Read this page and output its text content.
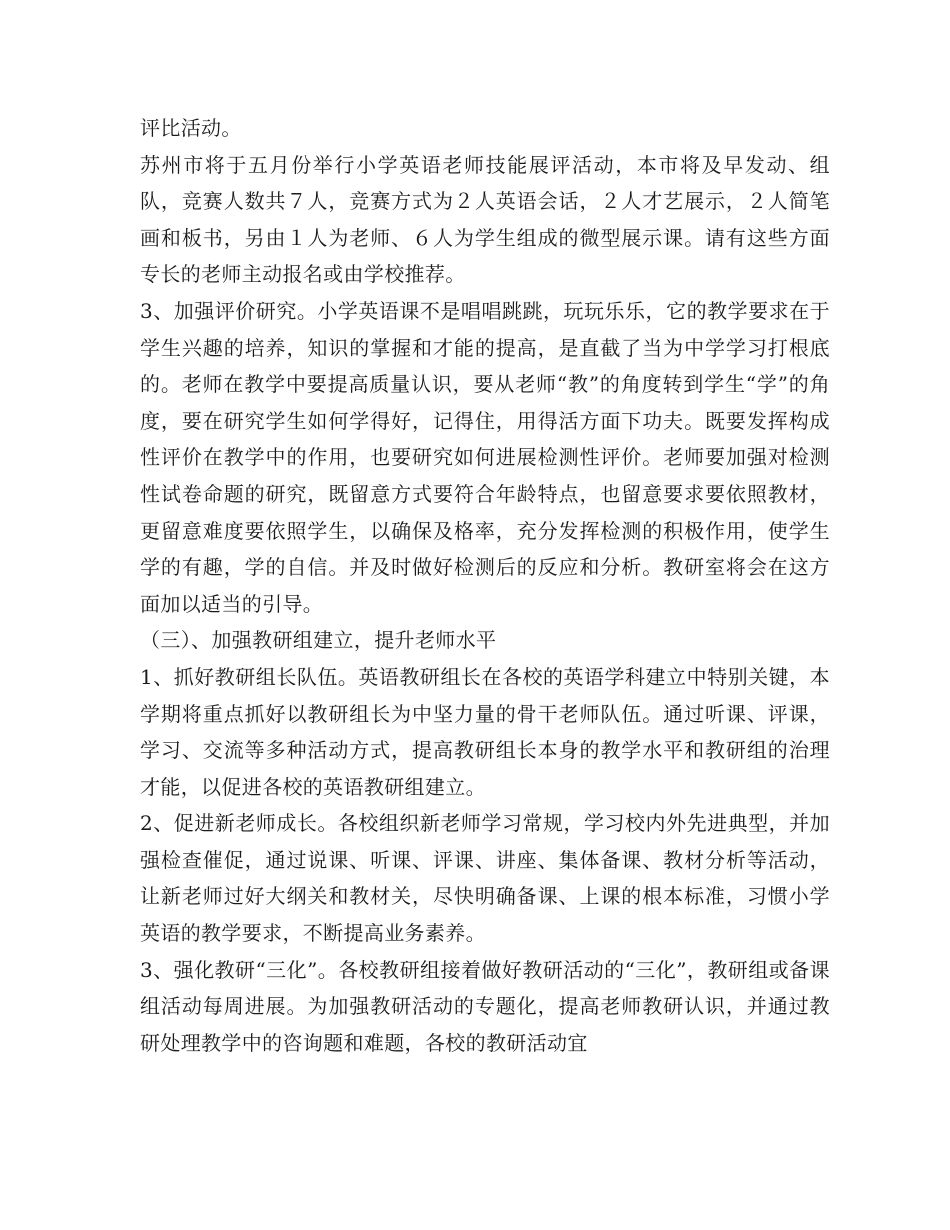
评比活动。

苏州市将于五月份举行小学英语老师技能展评活动，本市将及早发动、组队，竞赛人数共７人，竞赛方式为２人英语会话，２人才艺展示，２人简笔画和板书，另由１人为老师、６人为学生组成的微型展示课。请有这些方面专长的老师主动报名或由学校推荐。

3、加强评价研究。小学英语课不是唱唱跳跳，玩玩乐乐，它的教学要求在于学生兴趣的培养，知识的掌握和才能的提高，是直截了当为中学学习打根底的。老师在教学中要提高质量认识，要从老师“教”的角度转到学生“学”的角度，要在研究学生如何学得好，记得住，用得活方面下功夫。既要发挥构成性评价在教学中的作用，也要研究如何进展检测性评价。老师要加强对检测性试卷命题的研究，既留意方式要符合年龄特点，也留意要求要依照教材，更留意难度要依照学生，以确保及格率，充分发挥检测的积极作用，使学生学的有趣，学的自信。并及时做好检测后的反应和分析。教研室将会在这方面加以适当的引导。

（三）、加强教研组建立，提升老师水平

1、抓好教研组长队伍。英语教研组长在各校的英语学科建立中特别关键，本学期将重点抓好以教研组长为中坚力量的骨干老师队伍。通过听课、评课，学习、交流等多种活动方式，提高教研组长本身的教学水平和教研组的治理才能，以促进各校的英语教研组建立。

2、促进新老师成长。各校组织新老师学习常规，学习校内外先进典型，并加强检查催促，通过说课、听课、评课、讲座、集体备课、教材分析等活动，让新老师过好大纲关和教材关，尽快明确备课、上课的根本标准，习惯小学英语的教学要求，不断提高业务素养。

3、强化教研“三化”。各校教研组接着做好教研活动的“三化”，教研组或备课组活动每周进展。为加强教研活动的专题化，提高老师教研认识，并通过教研处理教学中的咨询题和难题，各校的教研活动宜
